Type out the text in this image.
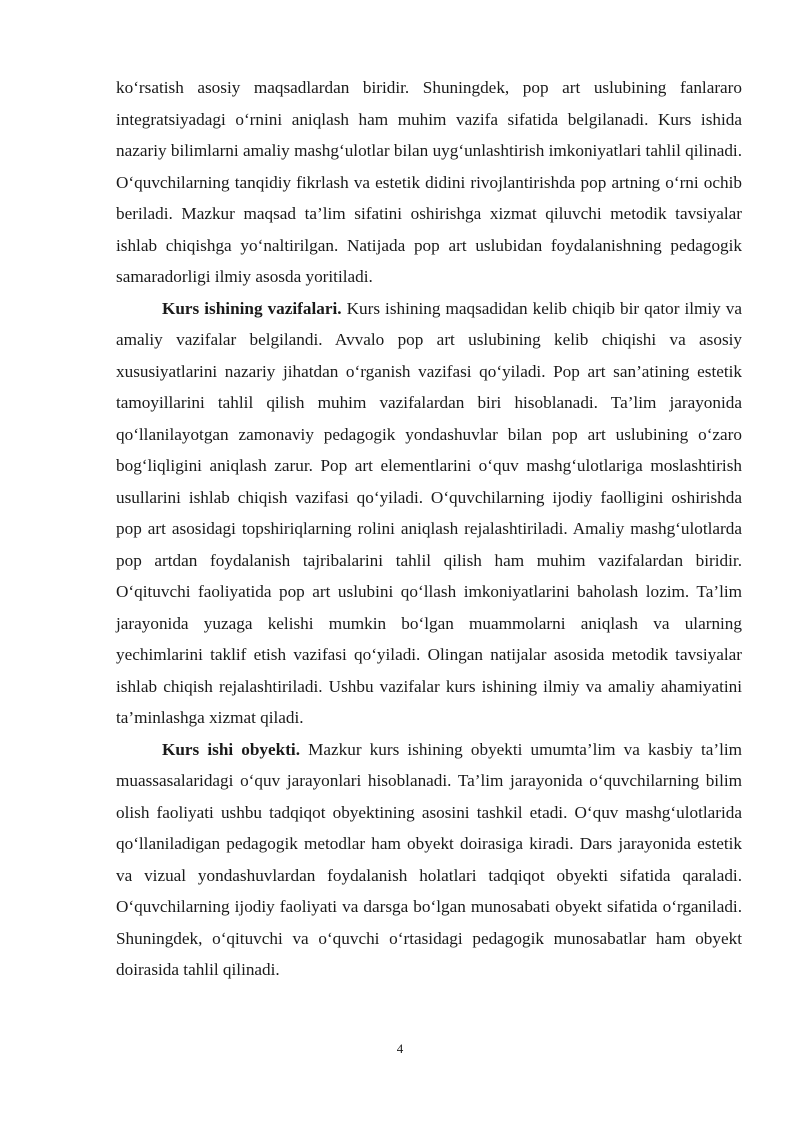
ko‘rsatish asosiy maqsadlardan biridir. Shuningdek, pop art uslubining fanlararo integratsiyadagi o‘rnini aniqlash ham muhim vazifa sifatida belgilanadi. Kurs ishida nazariy bilimlarni amaliy mashg‘ulotlar bilan uyg‘unlashtirish imkoniyatlari tahlil qilinadi. O‘quvchilarning tanqidiy fikrlash va estetik didini rivojlantirishda pop artning o‘rni ochib beriladi. Mazkur maqsad ta’lim sifatini oshirishga xizmat qiluvchi metodik tavsiyalar ishlab chiqishga yo‘naltirilgan. Natijada pop art uslubidan foydalanishning pedagogik samaradorligi ilmiy asosda yoritiladi.

Kurs ishining vazifalari. Kurs ishining maqsadidan kelib chiqib bir qator ilmiy va amaliy vazifalar belgilandi. Avvalo pop art uslubining kelib chiqishi va asosiy xususiyatlarini nazariy jihatdan o‘rganish vazifasi qo‘yiladi. Pop art san’atining estetik tamoyillarini tahlil qilish muhim vazifalardan biri hisoblanadi. Ta’lim jarayonida qo‘llanilayotgan zamonaviy pedagogik yondashuvlar bilan pop art uslubining o‘zaro bog‘liqligini aniqlash zarur. Pop art elementlarini o‘quv mashg‘ulotlariga moslashtirish usullarini ishlab chiqish vazifasi qo‘yiladi. O‘quvchilarning ijodiy faolligini oshirishda pop art asosidagi topshiriqlarning rolini aniqlash rejalashtiriladi. Amaliy mashg‘ulotlarda pop artdan foydalanish tajribalarini tahlil qilish ham muhim vazifalardan biridir. O‘qituvchi faoliyatida pop art uslubini qo‘llash imkoniyatlarini baholash lozim. Ta’lim jarayonida yuzaga kelishi mumkin bo‘lgan muammolarni aniqlash va ularning yechimlarini taklif etish vazifasi qo‘yiladi. Olingan natijalar asosida metodik tavsiyalar ishlab chiqish rejalashtiriladi. Ushbu vazifalar kurs ishining ilmiy va amaliy ahamiyatini ta’minlashga xizmat qiladi.

Kurs ishi obyekti. Mazkur kurs ishining obyekti umumta’lim va kasbiy ta’lim muassasalaridagi o‘quv jarayonlari hisoblanadi. Ta’lim jarayonida o‘quvchilarning bilim olish faoliyati ushbu tadqiqot obyektining asosini tashkil etadi. O‘quv mashg‘ulotlarida qo‘llaniladigan pedagogik metodlar ham obyekt doirasiga kiradi. Dars jarayonida estetik va vizual yondashuvlardan foydalanish holatlari tadqiqot obyekti sifatida qaraladi. O‘quvchilarning ijodiy faoliyati va darsga bo‘lgan munosabati obyekt sifatida o‘rganiladi. Shuningdek, o‘qituvchi va o‘quvchi o‘rtasidagi pedagogik munosabatlar ham obyekt doirasida tahlil qilinadi.

4
